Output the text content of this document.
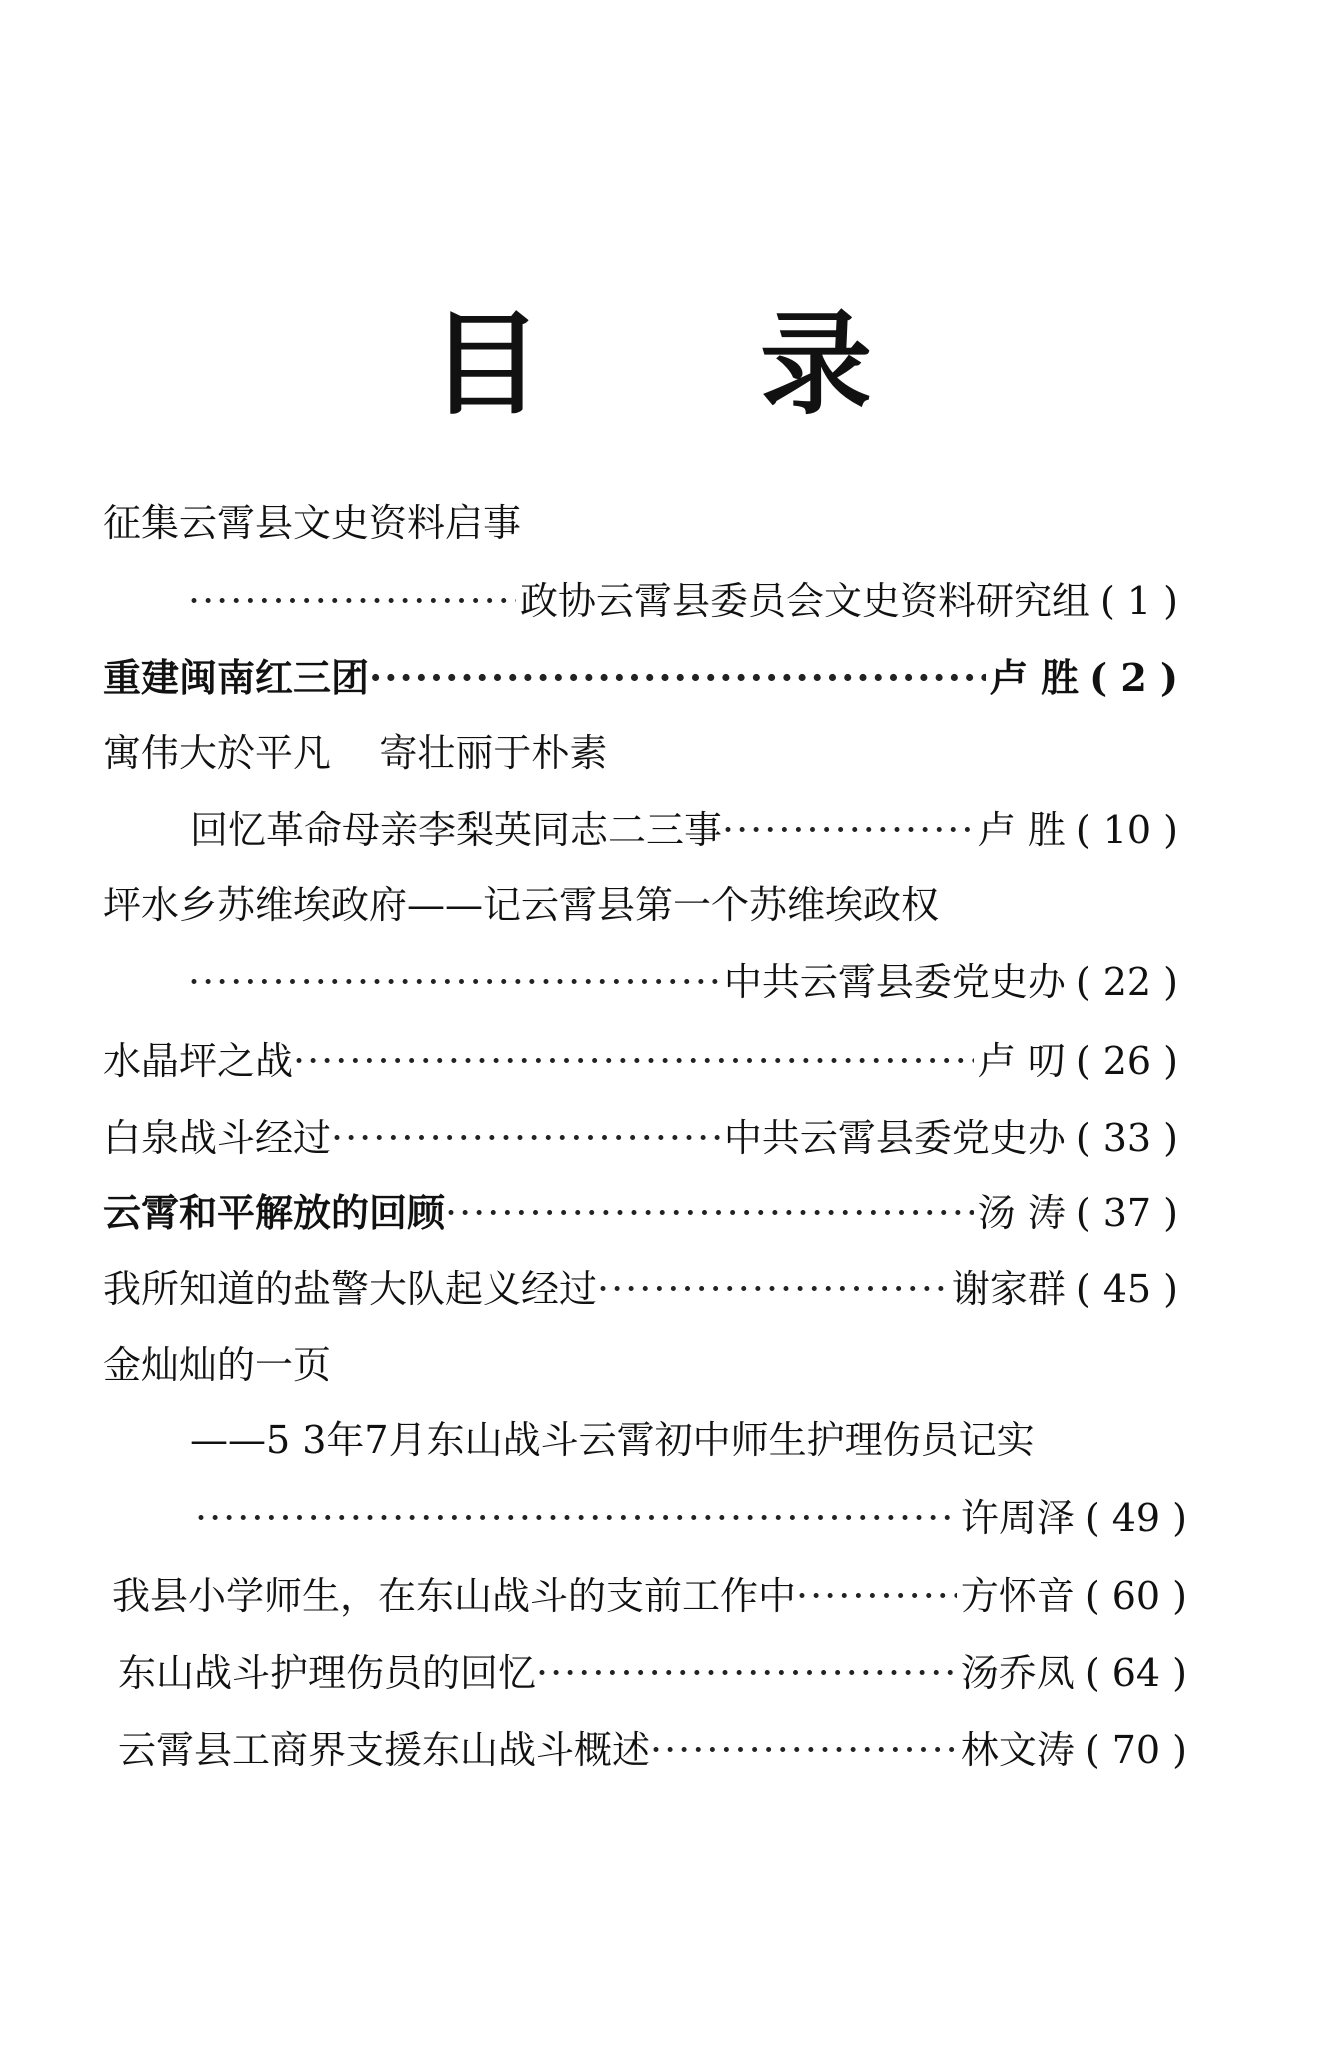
目 录
征集云霄县文史资料启事
·····
政协云霄县委员会文史资料研究组 ( 1 )
重建闽南红三团 ·····	卢 胜 ( 2 )
寓伟大於平凡    寄壮丽于朴素
回忆革命母亲李梨英同志二三事 ·····	卢 胜 ( 10 )
坪水乡苏维埃政府——记云霄县第一个苏维埃政权
·····
中共云霄县委党史办 ( 22 )
水晶坪之战 ·····	卢 叨 ( 26 )
白泉战斗经过 ·····	中共云霄县委党史办 ( 33 )
云霄和平解放的回顾 ·····	汤 涛 ( 37 )
我所知道的盐警大队起义经过 ·····	谢家群 ( 45 )
金灿灿的一页
——5 3年7月东山战斗云霄初中师生护理伤员记实
·····
许周泽 ( 49 )
我县小学师生，在东山战斗的支前工作中 ·····	方怀音 ( 60 )
东山战斗护理伤员的回忆 ·····	汤乔凤 ( 64 )
云霄县工商界支援东山战斗概述 ·····	林文涛 ( 70 )
